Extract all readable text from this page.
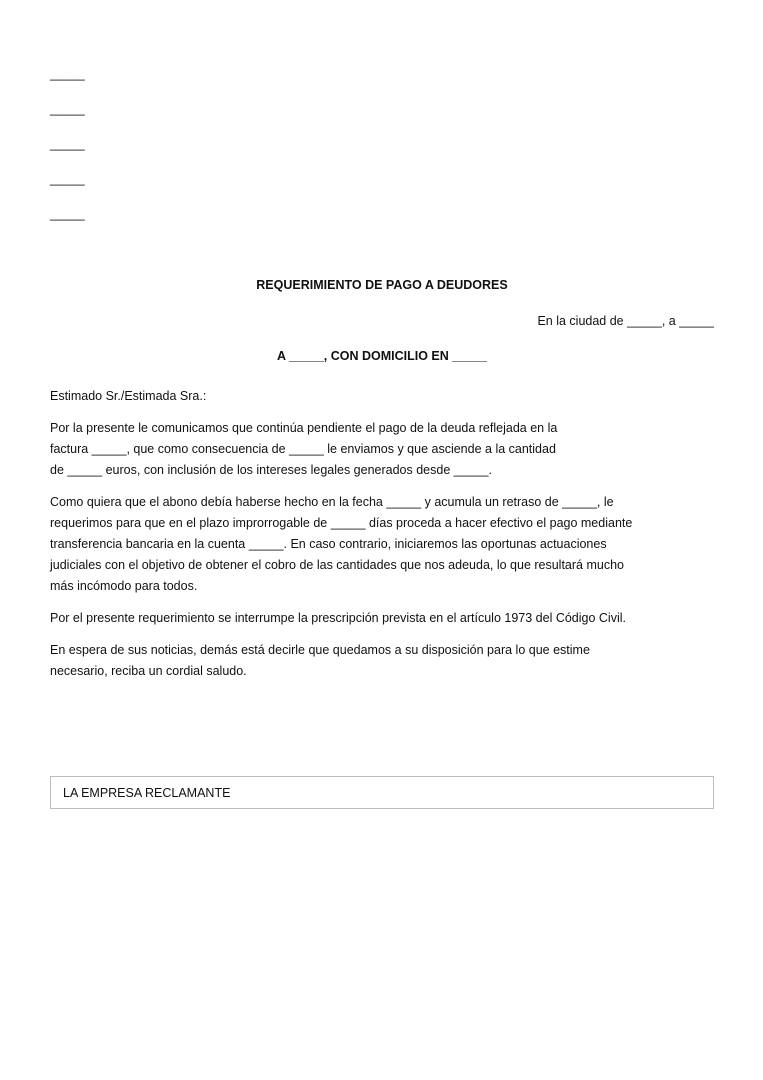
_____
_____
_____
_____
_____
REQUERIMIENTO DE PAGO A DEUDORES
En la ciudad de _____, a _____
A _____, CON DOMICILIO EN _____

Estimado Sr./Estimada Sra.:

Por la presente le comunicamos que continúa pendiente el pago de la deuda reflejada en la
factura _____, que como consecuencia de _____ le enviamos y que asciende a la cantidad
de _____ euros, con inclusión de los intereses legales generados desde _____.

Como quiera que el abono debía haberse hecho en la fecha _____ y acumula un retraso de _____, le
requerimos para que en el plazo improrrogable de _____ días proceda a hacer efectivo el pago mediante
transferencia bancaria en la cuenta _____. En caso contrario, iniciaremos las oportunas actuaciones
judiciales con el objetivo de obtener el cobro de las cantidades que nos adeuda, lo que resultará mucho
más incómodo para todos.

Por el presente requerimiento se interrumpe la prescripción prevista en el artículo 1973 del Código Civil.

En espera de sus noticias, demás está decirle que quedamos a su disposición para lo que estime
necesario, reciba un cordial saludo.

LA EMPRESA RECLAMANTE
